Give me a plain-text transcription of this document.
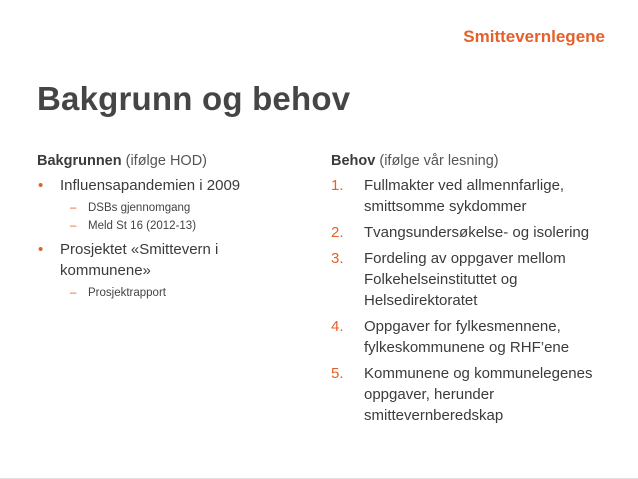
Smittevernlegene
Bakgrunn og behov
Bakgrunnen (ifølge HOD)
• Influensapandemien i 2009
– DSBs gjennomgang
– Meld St 16 (2012-13)
• Prosjektet «Smittevern i kommunene»
– Prosjektrapport
Behov (ifølge vår lesning)
1. Fullmakter ved allmennfarlige, smittsomme sykdommer
2. Tvangsundersøkelse- og isolering
3. Fordeling av oppgaver mellom Folkehelseinstituttet og Helsedirektoratet
4. Oppgaver for fylkesmennene, fylkeskommunene og RHF’ene
5. Kommunene og kommunelegenes oppgaver, herunder smittevernberedskap
